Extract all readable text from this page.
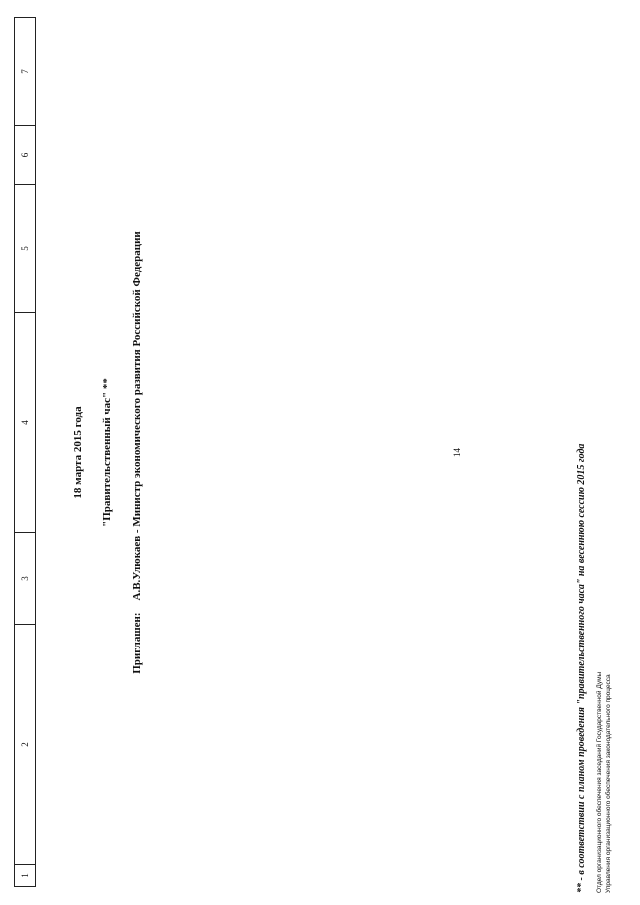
14
1
2
3
4
5
6
7
18 марта 2015 года "Правительственный час" **
Приглашен:А.В.Улюкаев - Министр экономического развития Российской Федерации
** - в соответствии с планом проведения "правительственного часа" на весеннюю сессию 2015 года Отдел организационного обеспечения заседаний Государственной Думы Управления организационного обеспечения законодательного процесса
